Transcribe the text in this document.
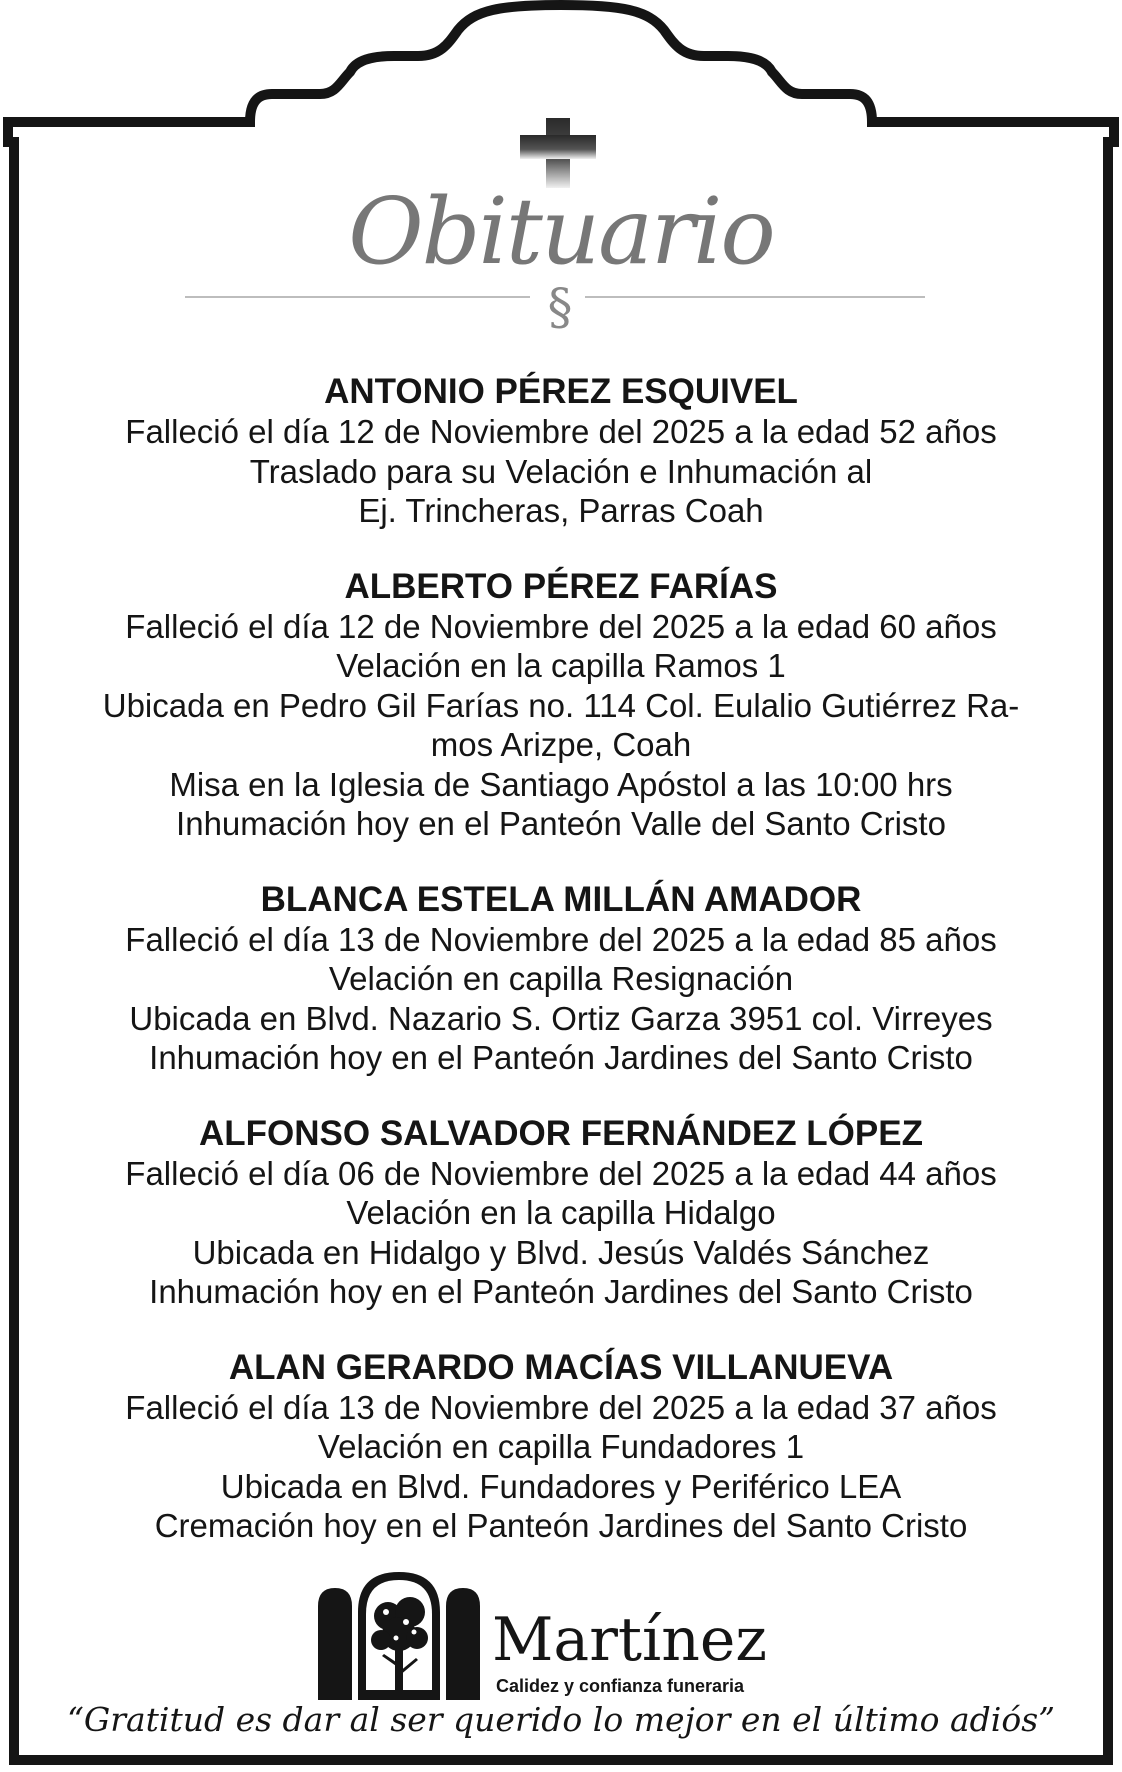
Obituario
§
ANTONIO PÉREZ ESQUIVEL
Falleció el día 12 de Noviembre del 2025 a la edad 52 años
Traslado para su Velación e Inhumación al
Ej. Trincheras, Parras Coah
ALBERTO PÉREZ FARÍAS
Falleció el día 12 de Noviembre del 2025 a la edad 60 años
Velación en la capilla Ramos 1
Ubicada en Pedro Gil Farías no. 114 Col. Eulalio Gutiérrez Ra-
mos Arizpe, Coah
Misa en la Iglesia de Santiago Apóstol a las 10:00 hrs
Inhumación hoy en el Panteón Valle del Santo Cristo
BLANCA ESTELA MILLÁN AMADOR
Falleció el día 13 de Noviembre del 2025 a la edad 85 años
Velación en capilla Resignación
Ubicada en Blvd. Nazario S. Ortiz Garza 3951 col. Virreyes
Inhumación hoy en el Panteón Jardines del Santo Cristo
ALFONSO SALVADOR FERNÁNDEZ LÓPEZ
Falleció el día 06 de Noviembre del 2025 a la edad 44 años
Velación en la capilla Hidalgo
Ubicada en Hidalgo y Blvd. Jesús Valdés Sánchez
Inhumación hoy en el Panteón Jardines del Santo Cristo
ALAN GERARDO MACÍAS VILLANUEVA
Falleció el día 13 de Noviembre del 2025 a la edad 37 años
Velación en capilla Fundadores 1
Ubicada en Blvd. Fundadores y Periférico LEA
Cremación hoy en el Panteón Jardines del Santo Cristo
Martínez
Calidez y confianza funeraria
“Gratitud es dar al ser querido lo mejor en el último adiós”
